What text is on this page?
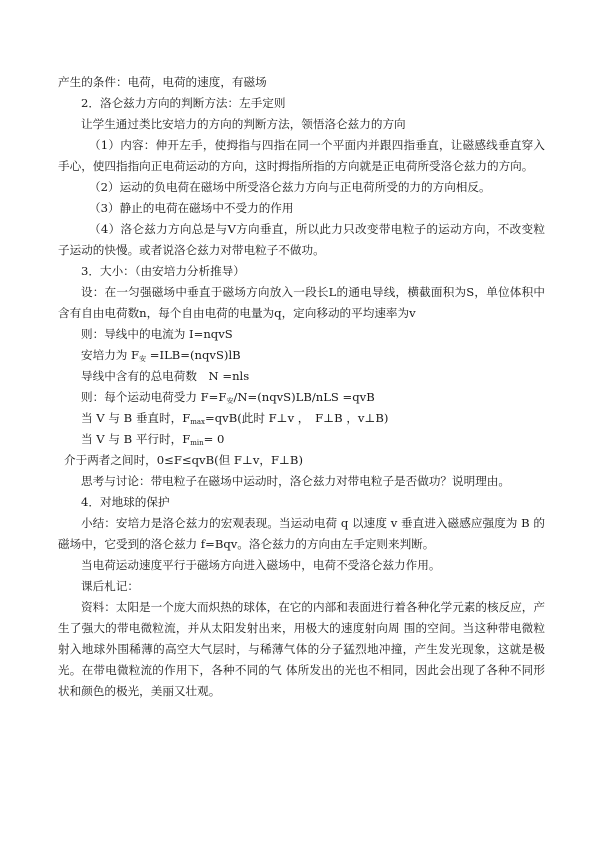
产生的条件：电荷，电荷的速度，有磁场

2．洛仑兹力方向的判断方法：左手定则

让学生通过类比安培力的方向的判断方法，领悟洛仑兹力的方向

（1）内容：伸开左手，使拇指与四指在同一个平面内并跟四指垂直，让磁感线垂直穿入手心，使四指指向正电荷运动的方向，这时拇指所指的方向就是正电荷所受洛仑兹力的方向。

（2）运动的负电荷在磁场中所受洛仑兹力方向与正电荷所受的力的方向相反。

（3）静止的电荷在磁场中不受力的作用

（4）洛仑兹力方向总是与V方向垂直，所以此力只改变带电粒子的运动方向，不改变粒子运动的快慢。或者说洛仑兹力对带电粒子不做功。

3．大小：（由安培力分析推导）

设：在一匀强磁场中垂直于磁场方向放入一段长L的通电导线，横截面积为S，单位体积中含有自由电荷数n，每个自由电荷的电量为q，定向移动的平均速率为v

则：导线中的电流为 I=nqvS

安培力为 $F_安$ =ILB=(nqvS)lB

导线中含有的总电荷数　N =nls

则：每个运动电荷受力 $F=F_安/N=(nqvS)LB$/nLS =qvB

当 V 与 B 垂直时，$F_{max}=qvB$(此时 F⊥v ，　F⊥B ，v⊥B)

当 V 与 B 平行时，$F_{min}= 0$

介于两者之间时，0≤F≤qvB(但 F⊥v，F⊥B)

思考与讨论：带电粒子在磁场中运动时，洛仑兹力对带电粒子是否做功？说明理由。

4．对地球的保护

小结：安培力是洛仑兹力的宏观表现。当运动电荷 q 以速度 v 垂直进入磁感应强度为 B 的磁场中，它受到的洛仑兹力 f=Bqv。洛仑兹力的方向由左手定则来判断。

当电荷运动速度平行于磁场方向进入磁场中，电荷不受洛仑兹力作用。

课后札记：

资料：太阳是一个庞大而炽热的球体，在它的内部和表面进行着各种化学元素的核反应，产生了强大的带电微粒流，并从太阳发射出来，用极大的速度射向周 围的空间。当这种带电微粒射入地球外围稀薄的高空大气层时，与稀薄气体的分子猛烈地冲撞，产生发光现象，这就是极光。在带电微粒流的作用下，各种不同的气 体所发出的光也不相同，因此会出现了各种不同形状和颜色的极光，美丽又壮观。
